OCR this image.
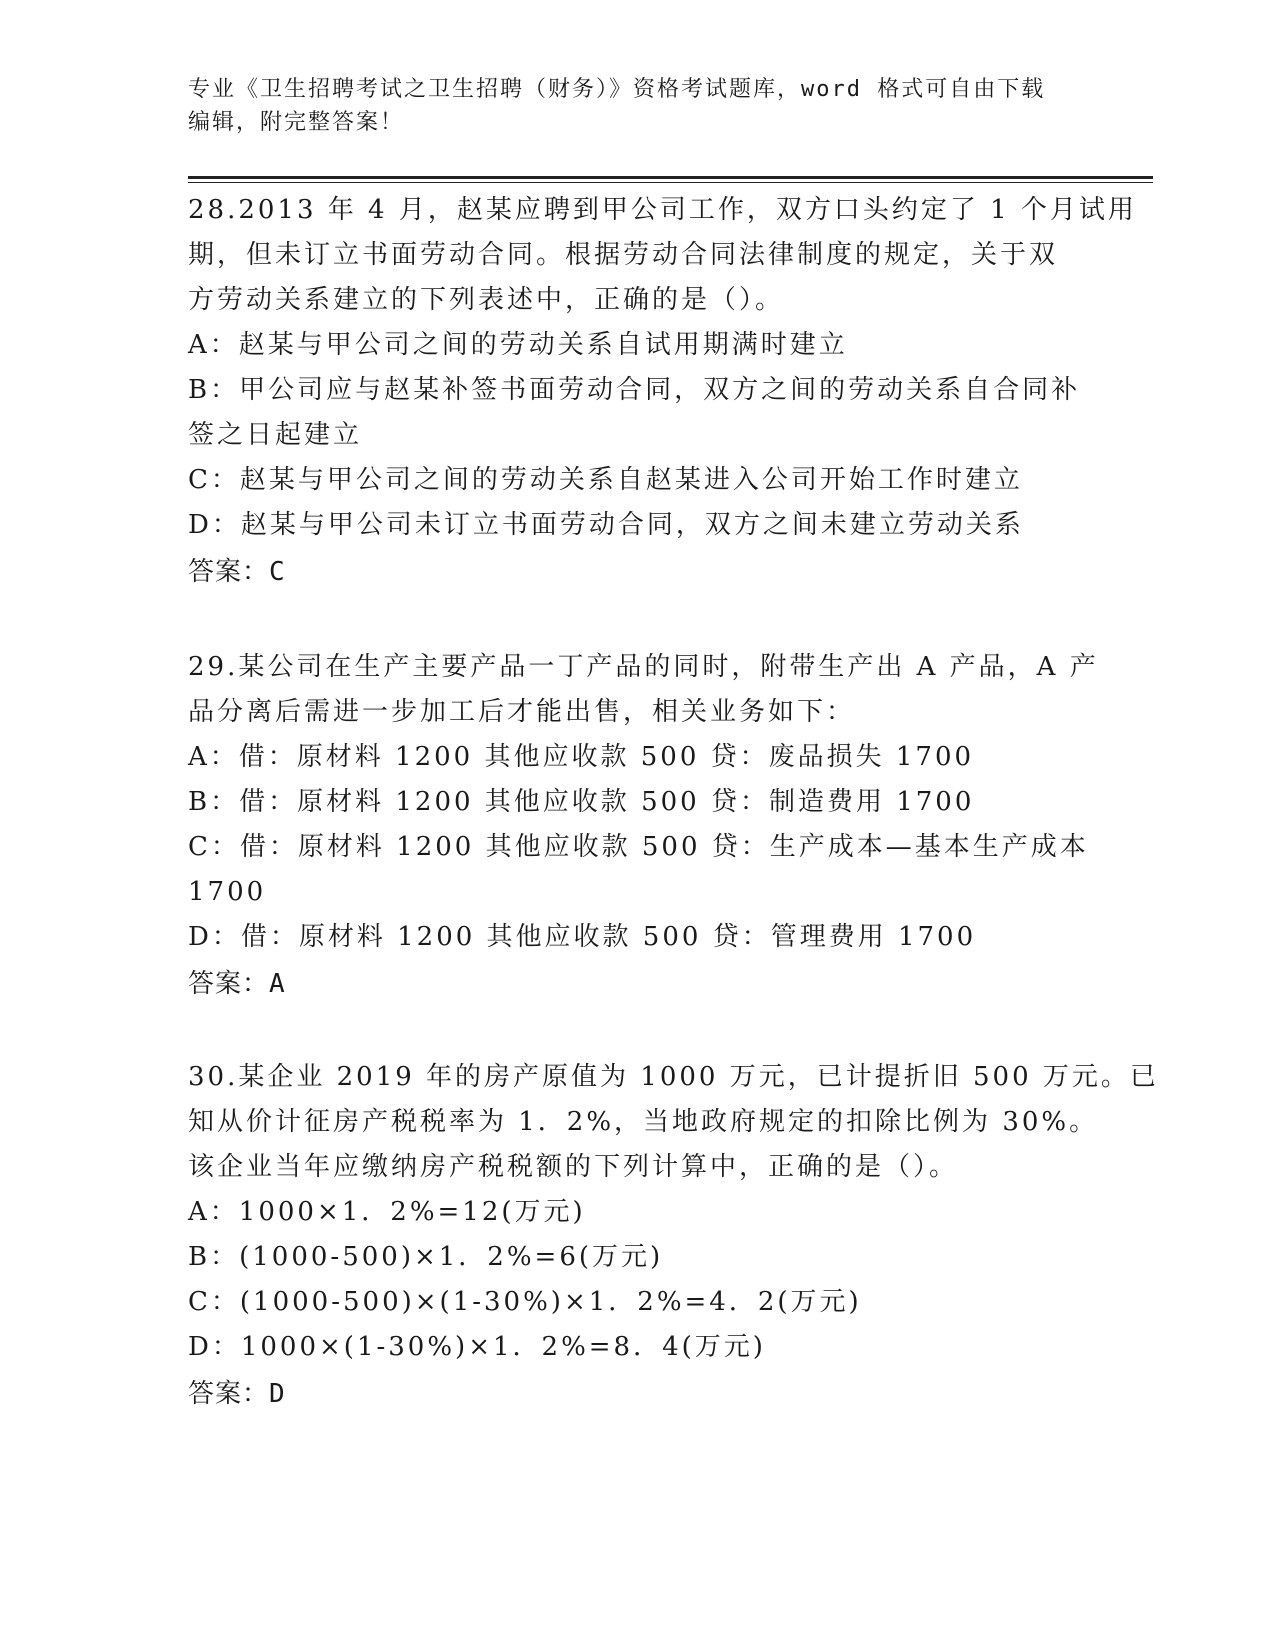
专业《卫生招聘考试之卫生招聘（财务）》资格考试题库，word 格式可自由下载
编辑，附完整答案！
28.2013 年 4 月，赵某应聘到甲公司工作，双方口头约定了 1 个月试用
期，但未订立书面劳动合同。根据劳动合同法律制度的规定，关于双
方劳动关系建立的下列表述中，正确的是（）。
A：赵某与甲公司之间的劳动关系自试用期满时建立
B：甲公司应与赵某补签书面劳动合同，双方之间的劳动关系自合同补
签之日起建立
C：赵某与甲公司之间的劳动关系自赵某进入公司开始工作时建立
D：赵某与甲公司未订立书面劳动合同，双方之间未建立劳动关系
答案：C
29.某公司在生产主要产品一丁产品的同时，附带生产出 A 产品，A 产
品分离后需进一步加工后才能出售，相关业务如下：
A：借：原材料 1200 其他应收款 500 贷：废品损失 1700
B：借：原材料 1200 其他应收款 500 贷：制造费用 1700
C：借：原材料 1200 其他应收款 500 贷：生产成本—基本生产成本
1700
D：借：原材料 1200 其他应收款 500 贷：管理费用 1700
答案：A
30.某企业 2019 年的房产原值为 1000 万元，已计提折旧 500 万元。已
知从价计征房产税税率为 1．2%，当地政府规定的扣除比例为 30%。
该企业当年应缴纳房产税税额的下列计算中，正确的是（）。
A：1000×1．2%=12(万元)
B：(1000-500)×1．2%=6(万元)
C：(1000-500)×(1-30%)×1．2%=4．2(万元)
D：1000×(1-30%)×1．2%=8．4(万元)
答案：D
